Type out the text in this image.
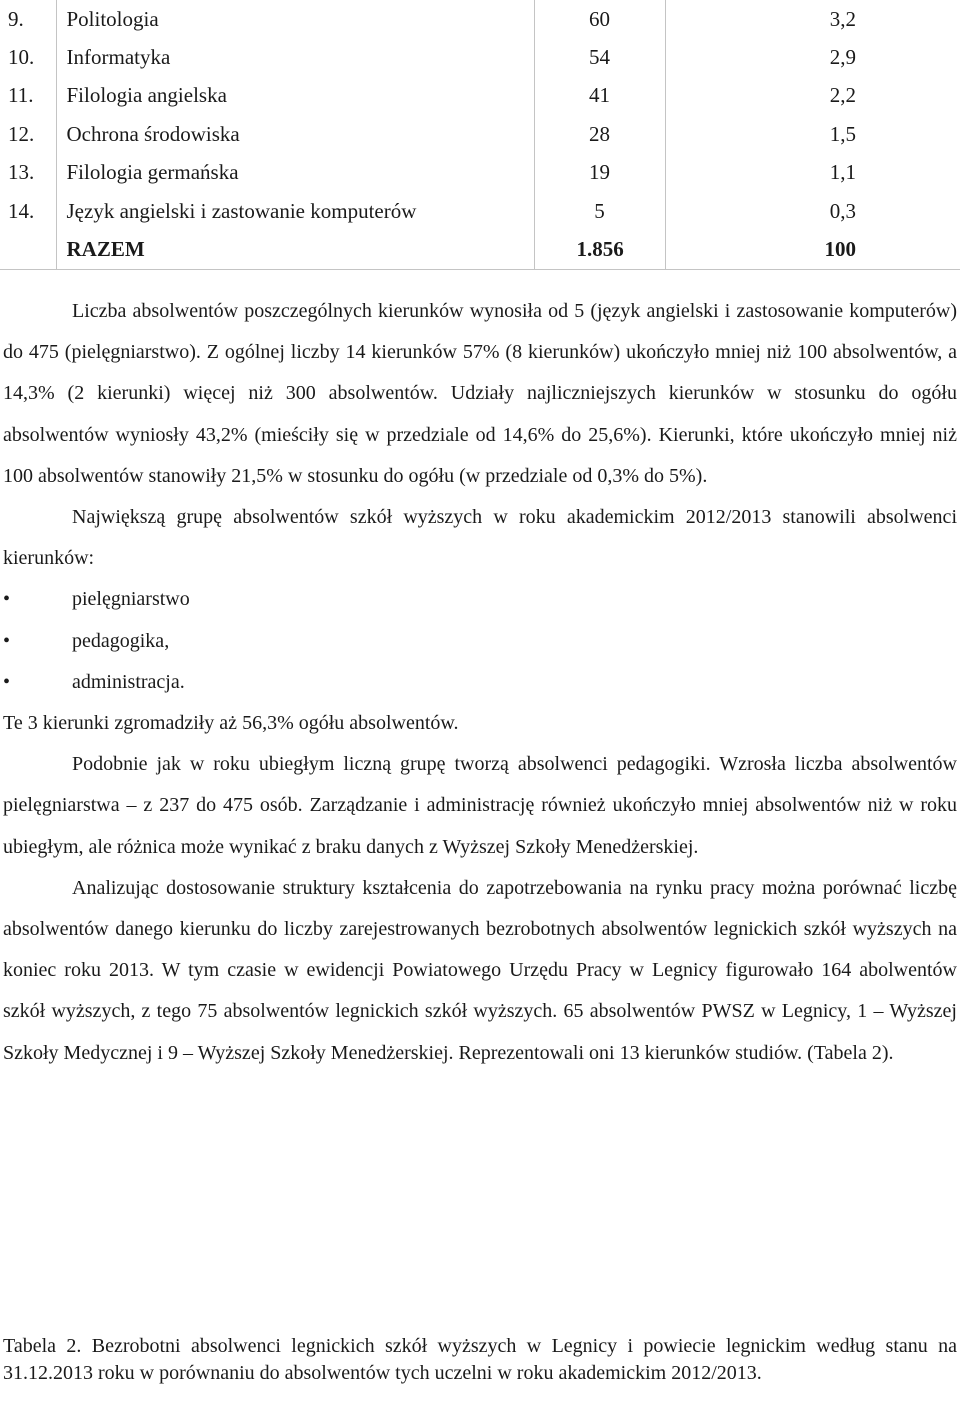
9.	Politologia	60	3,2
10.	Informatyka	54	2,9
11.	Filologia angielska	41	2,2
12.	Ochrona środowiska	28	1,5
13.	Filologia germańska	19	1,1
14.	Język angielski i zastowanie komputerów	5	0,3
	RAZEM	1.856	100

Liczba absolwentów poszczególnych kierunków wynosiła od 5 (język angielski i zastosowanie komputerów) do 475 (pielęgniarstwo). Z ogólnej liczby 14 kierunków 57% (8 kierunków) ukończyło mniej niż 100 absolwentów, a 14,3% (2 kierunki) więcej niż 300 absolwentów. Udziały najliczniejszych kierunków w stosunku do ogółu absolwentów wyniosły 43,2% (mieściły się w przedziale od 14,6% do 25,6%). Kierunki, które ukończyło mniej niż 100 absolwentów stanowiły 21,5% w stosunku do ogółu (w przedziale od 0,3% do 5%).

Największą grupę absolwentów szkół wyższych w roku akademickim 2012/2013 stanowili absolwenci kierunków:

•	pielęgniarstwo
•	pedagogika,
•	administracja.

Te 3 kierunki zgromadziły aż 56,3% ogółu absolwentów.

Podobnie jak w roku ubiegłym liczną grupę tworzą absolwenci pedagogiki. Wzrosła liczba absolwentów pielęgniarstwa – z 237 do 475 osób. Zarządzanie i administrację również ukończyło mniej absolwentów niż w roku ubiegłym, ale różnica może wynikać z braku danych z Wyższej Szkoły Menedżerskiej.

Analizując dostosowanie struktury kształcenia do zapotrzebowania na rynku pracy można porównać liczbę absolwentów danego kierunku do liczby zarejestrowanych bezrobotnych absolwentów legnickich szkół wyższych na koniec roku 2013. W tym czasie w ewidencji Powiatowego Urzędu Pracy w Legnicy figurowało 164 abolwentów szkół wyższych, z tego 75 absolwentów legnickich szkół wyższych. 65 absolwentów PWSZ w Legnicy, 1 – Wyższej Szkoły Medycznej i 9 – Wyższej Szkoły Menedżerskiej. Reprezentowali oni 13 kierunków studiów. (Tabela 2).

Tabela 2. Bezrobotni absolwenci legnickich szkół wyższych w Legnicy i powiecie legnickim według stanu na 31.12.2013 roku w porównaniu do absolwentów tych uczelni w roku akademickim 2012/2013.
